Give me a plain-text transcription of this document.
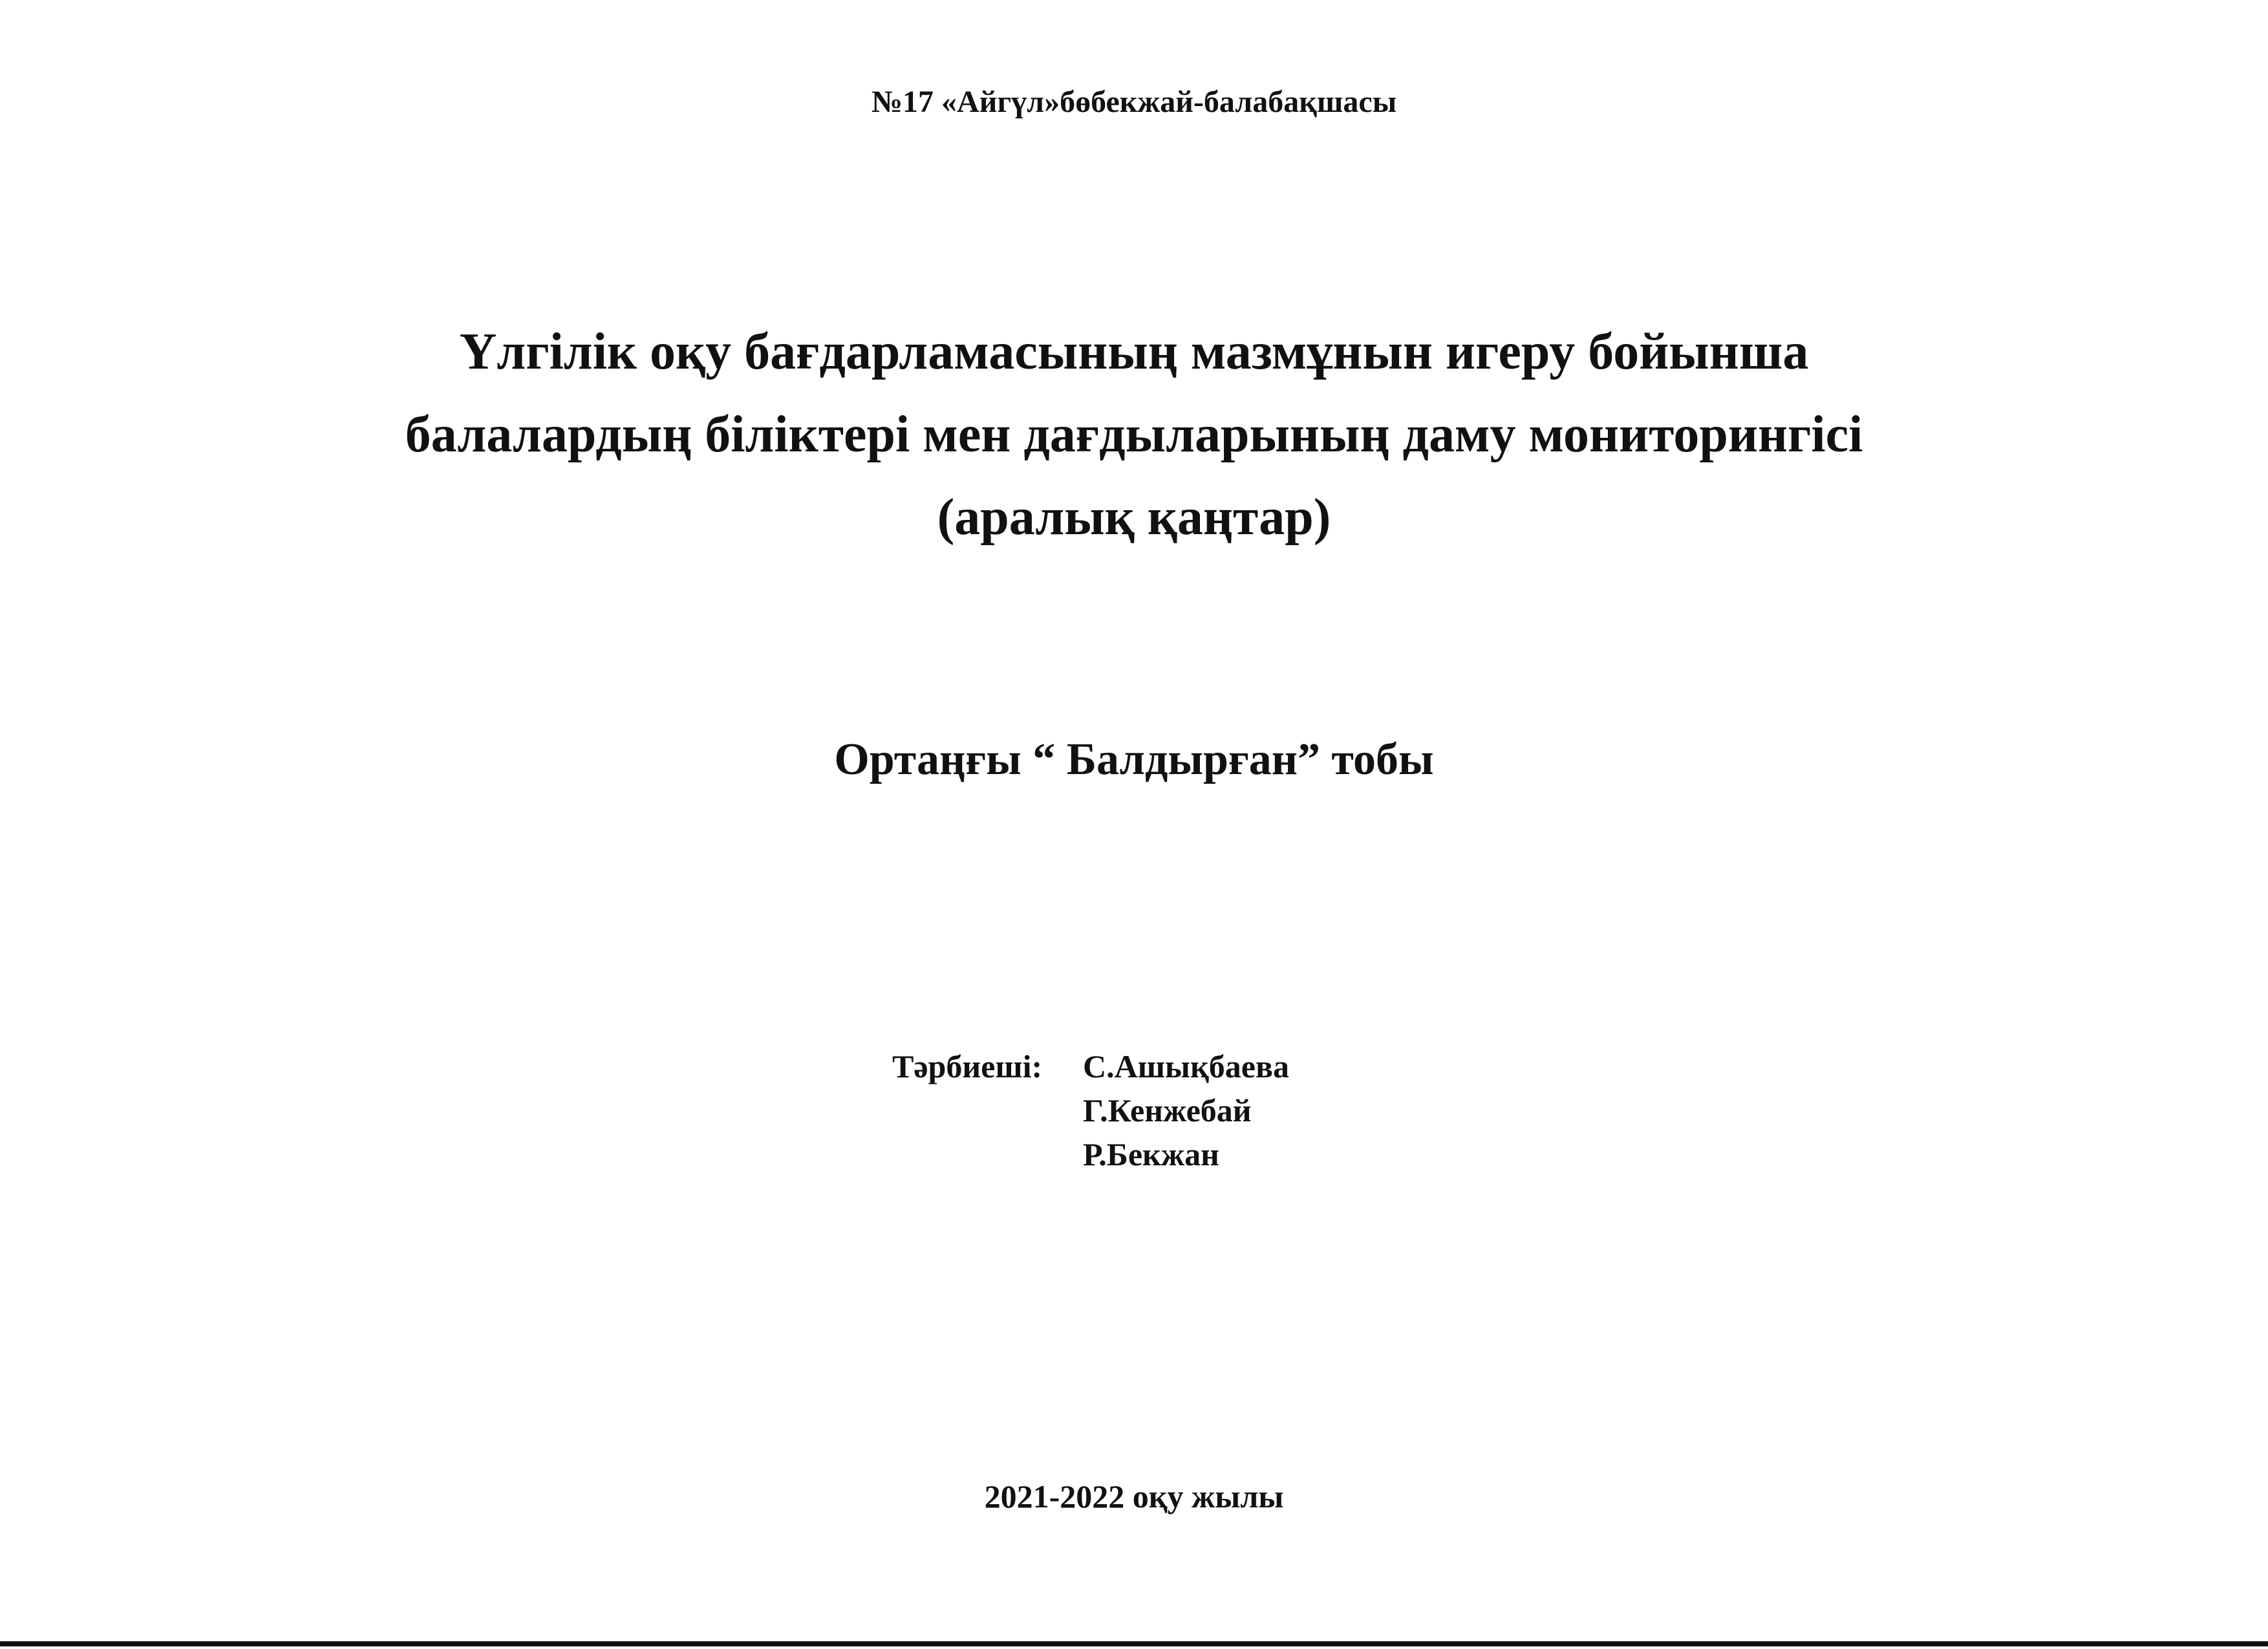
№17 «Айгүл»бөбекжай-балабақшасы
Үлгілік оқу бағдарламасының мазмұнын игеру бойынша
балалардың біліктері мен дағдыларының даму мониторингісі
(аралық қаңтар)
Ортаңғы “ Балдырған” тобы
Тәрбиеші: С.Ашықбаева
Г.Кенжебай
Р.Бекжан
2021-2022 оқу жылы
